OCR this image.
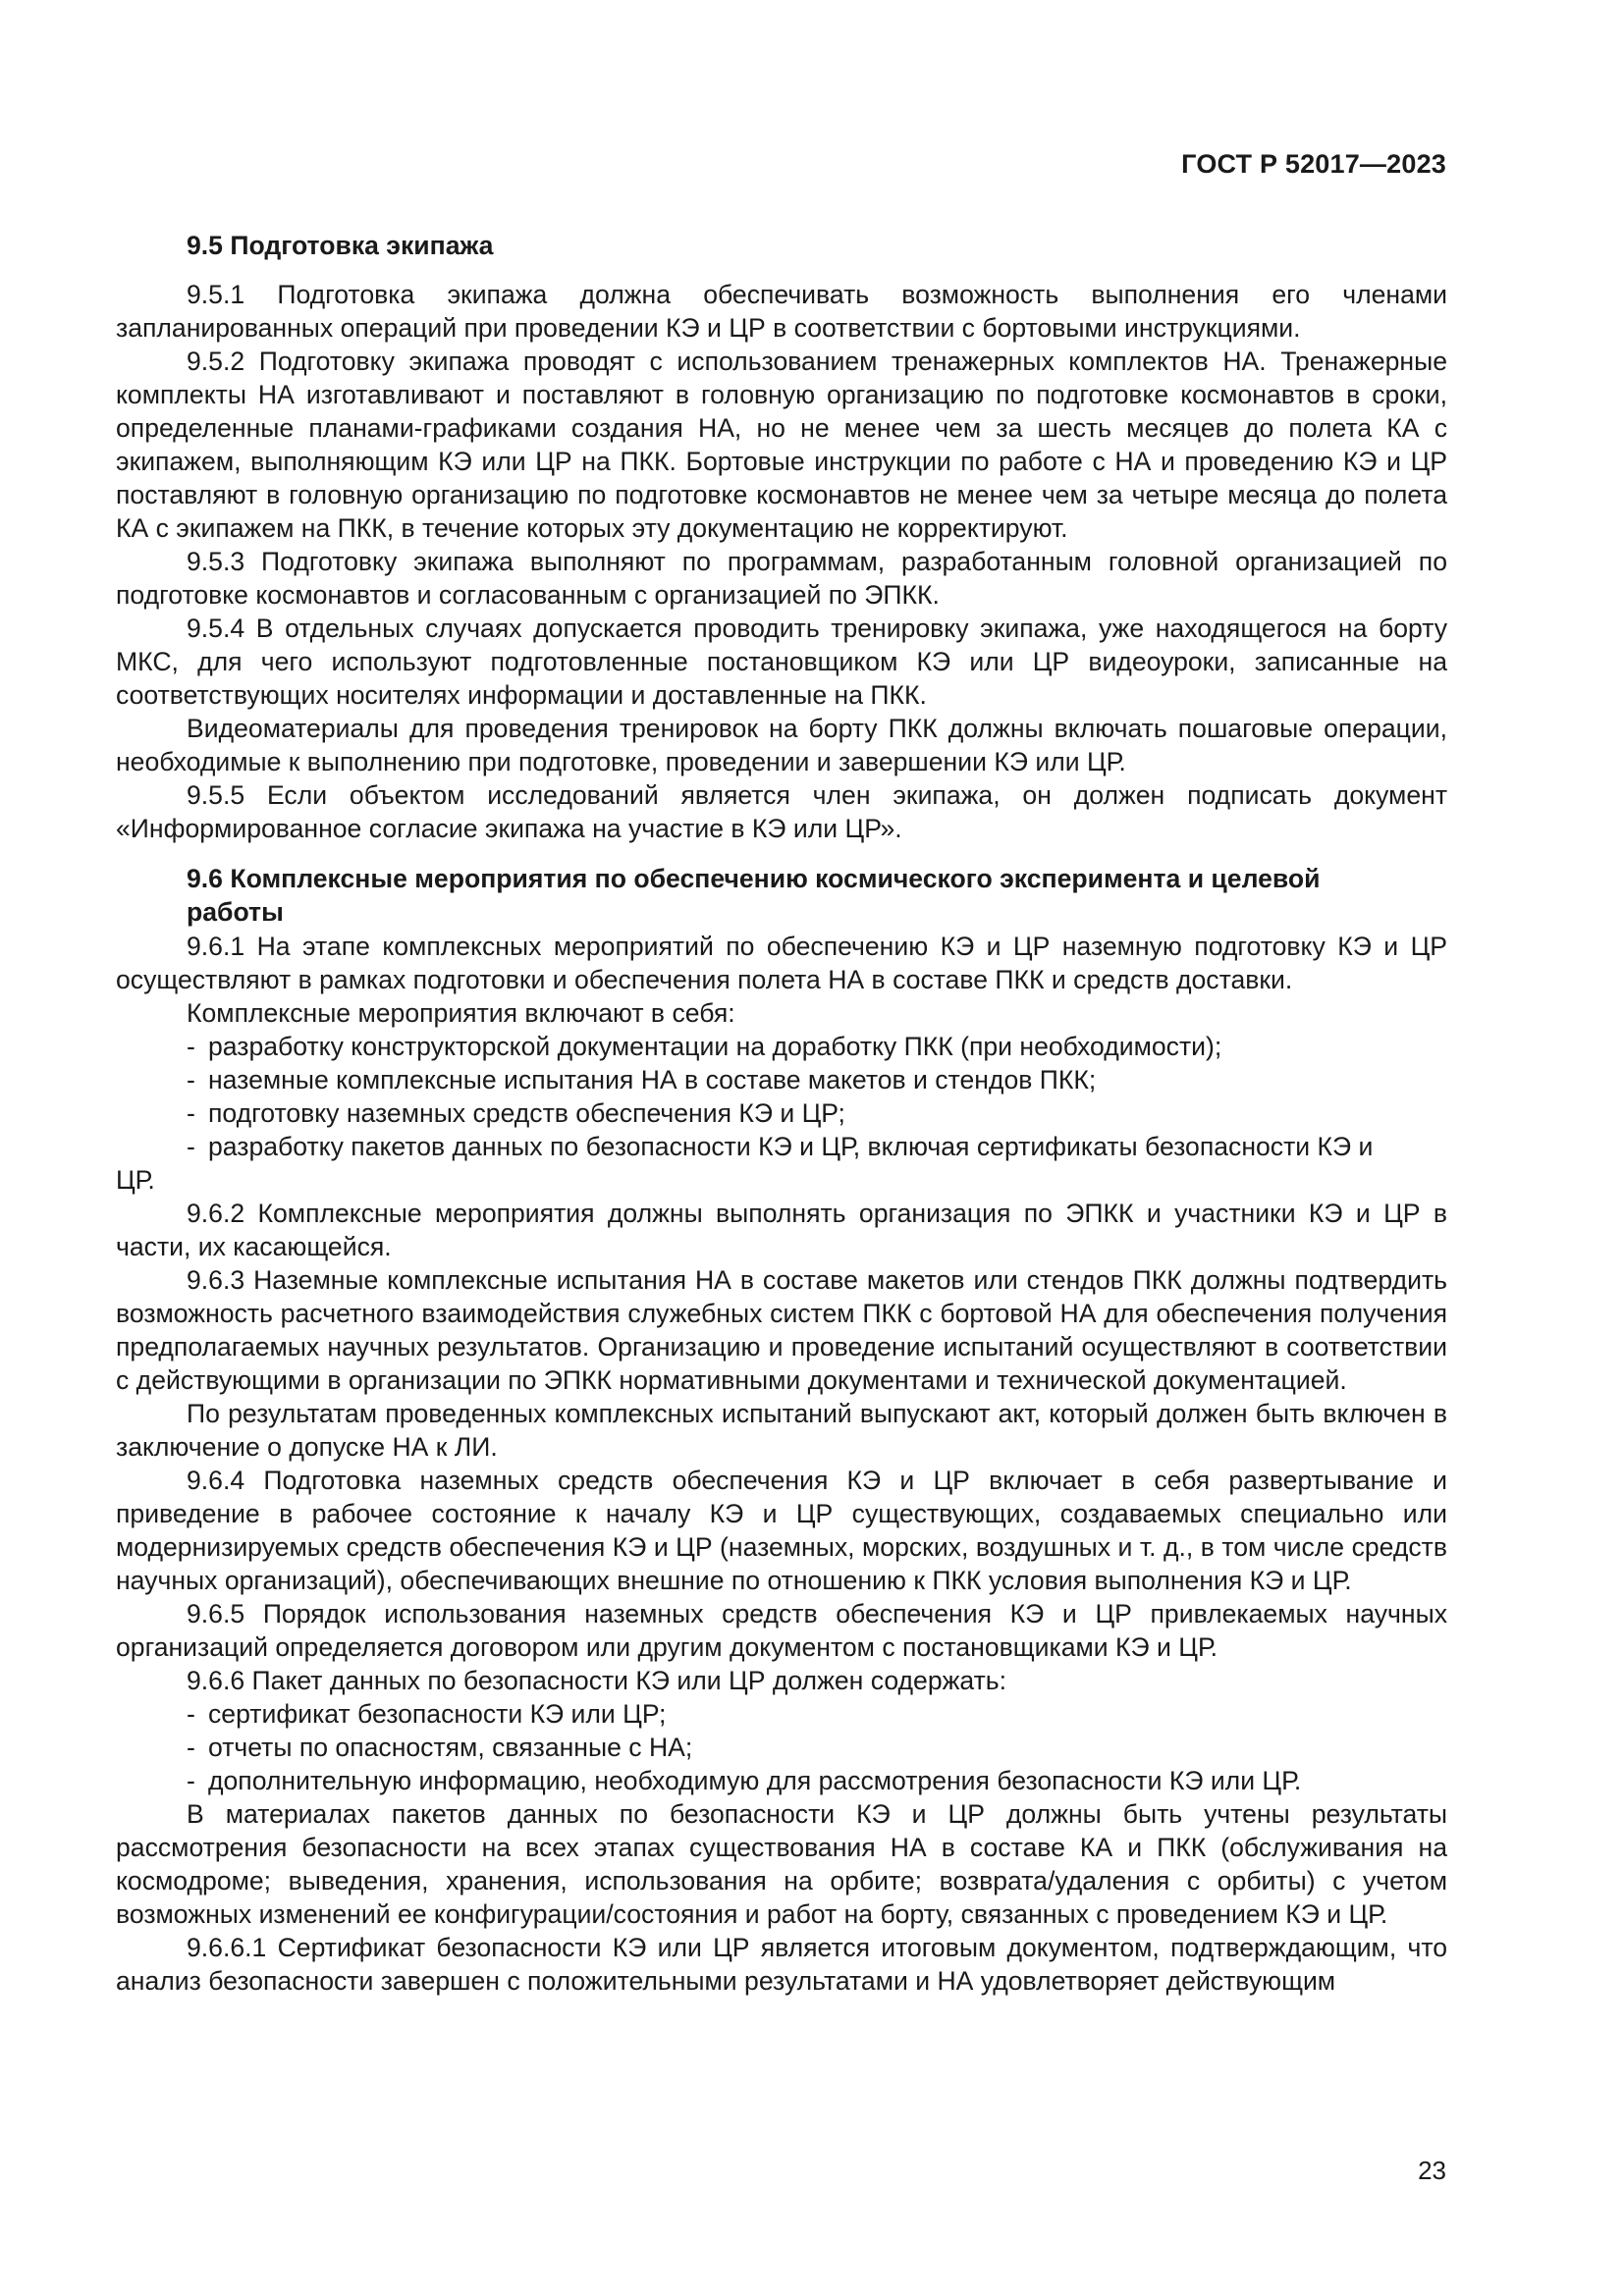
ГОСТ Р 52017—2023

9.5 Подготовка экипажа

9.5.1 Подготовка экипажа должна обеспечивать возможность выполнения его членами запланированных операций при проведении КЭ и ЦР в соответствии с бортовыми инструкциями.

9.5.2 Подготовку экипажа проводят с использованием тренажерных комплектов НА. Тренажерные комплекты НА изготавливают и поставляют в головную организацию по подготовке космонавтов в сроки, определенные планами-графиками создания НА, но не менее чем за шесть месяцев до полета КА с экипажем, выполняющим КЭ или ЦР на ПКК. Бортовые инструкции по работе с НА и проведению КЭ и ЦР поставляют в головную организацию по подготовке космонавтов не менее чем за четыре месяца до полета КА с экипажем на ПКК, в течение которых эту документацию не корректируют.

9.5.3 Подготовку экипажа выполняют по программам, разработанным головной организацией по подготовке космонавтов и согласованным с организацией по ЭПКК.

9.5.4 В отдельных случаях допускается проводить тренировку экипажа, уже находящегося на борту МКС, для чего используют подготовленные постановщиком КЭ или ЦР видеоуроки, записанные на соответствующих носителях информации и доставленные на ПКК.

Видеоматериалы для проведения тренировок на борту ПКК должны включать пошаговые операции, необходимые к выполнению при подготовке, проведении и завершении КЭ или ЦР.

9.5.5 Если объектом исследований является член экипажа, он должен подписать документ «Информированное согласие экипажа на участие в КЭ или ЦР».

9.6 Комплексные мероприятия по обеспечению космического эксперимента и целевой работы

9.6.1 На этапе комплексных мероприятий по обеспечению КЭ и ЦР наземную подготовку КЭ и ЦР осуществляют в рамках подготовки и обеспечения полета НА в составе ПКК и средств доставки.

Комплексные мероприятия включают в себя:

- разработку конструкторской документации на доработку ПКК (при необходимости);

- наземные комплексные испытания НА в составе макетов и стендов ПКК;

- подготовку наземных средств обеспечения КЭ и ЦР;

- разработку пакетов данных по безопасности КЭ и ЦР, включая сертификаты безопасности КЭ и
ЦР.

9.6.2 Комплексные мероприятия должны выполнять организация по ЭПКК и участники КЭ и ЦР в части, их касающейся.

9.6.3 Наземные комплексные испытания НА в составе макетов или стендов ПКК должны подтвердить возможность расчетного взаимодействия служебных систем ПКК с бортовой НА для обеспечения получения предполагаемых научных результатов. Организацию и проведение испытаний осуществляют в соответствии с действующими в организации по ЭПКК нормативными документами и технической документацией.

По результатам проведенных комплексных испытаний выпускают акт, который должен быть включен в заключение о допуске НА к ЛИ.

9.6.4 Подготовка наземных средств обеспечения КЭ и ЦР включает в себя развертывание и приведение в рабочее состояние к началу КЭ и ЦР существующих, создаваемых специально или модернизируемых средств обеспечения КЭ и ЦР (наземных, морских, воздушных и т. д., в том числе средств научных организаций), обеспечивающих внешние по отношению к ПКК условия выполнения КЭ и ЦР.

9.6.5 Порядок использования наземных средств обеспечения КЭ и ЦР привлекаемых научных организаций определяется договором или другим документом с постановщиками КЭ и ЦР.

9.6.6 Пакет данных по безопасности КЭ или ЦР должен содержать:

- сертификат безопасности КЭ или ЦР;

- отчеты по опасностям, связанные с НА;

- дополнительную информацию, необходимую для рассмотрения безопасности КЭ или ЦР.

В материалах пакетов данных по безопасности КЭ и ЦР должны быть учтены результаты рассмотрения безопасности на всех этапах существования НА в составе КА и ПКК (обслуживания на космодроме; выведения, хранения, использования на орбите; возврата/удаления с орбиты) с учетом возможных изменений ее конфигурации/состояния и работ на борту, связанных с проведением КЭ и ЦР.

9.6.6.1 Сертификат безопасности КЭ или ЦР является итоговым документом, подтверждающим, что анализ безопасности завершен с положительными результатами и НА удовлетворяет действующим

23
